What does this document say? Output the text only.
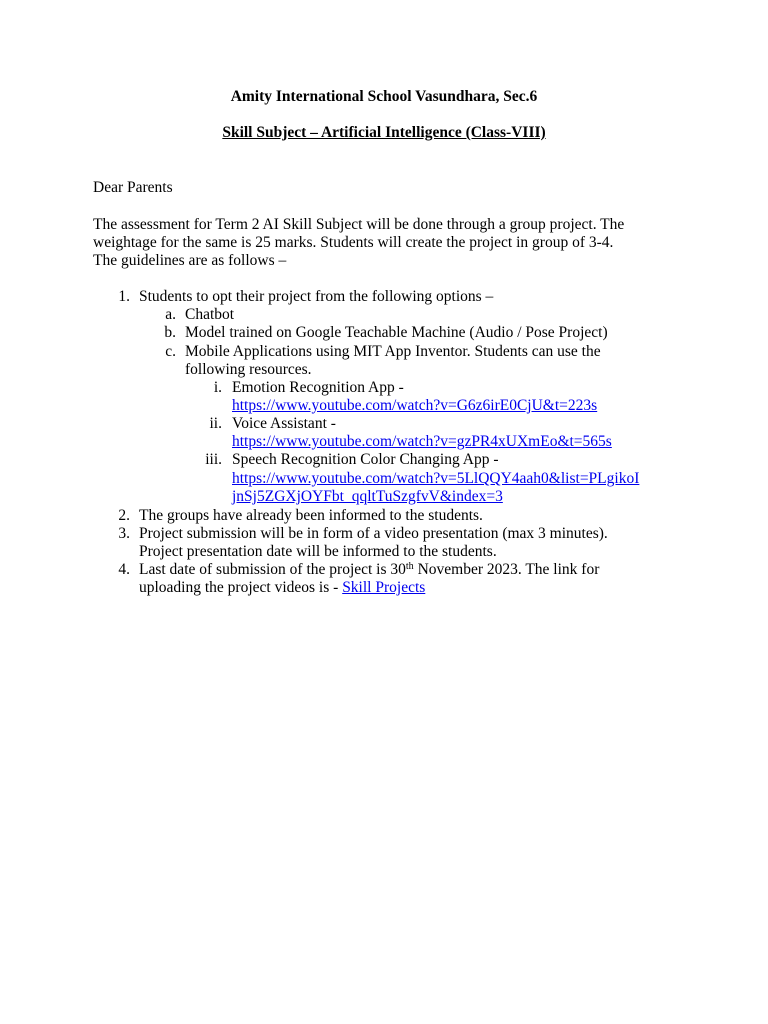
Amity International School Vasundhara, Sec.6
Skill Subject – Artificial Intelligence (Class-VIII)
Dear Parents
The assessment for Term 2 AI Skill Subject will be done through a group project. The
weightage for the same is 25 marks. Students will create the project in group of 3-4.
The guidelines are as follows –
1. Students to opt their project from the following options –
a. Chatbot
b. Model trained on Google Teachable Machine (Audio / Pose Project)
c. Mobile Applications using MIT App Inventor. Students can use the
following resources.
i. Emotion Recognition App -
https://www.youtube.com/watch?v=G6z6irE0CjU&t=223s
ii. Voice Assistant -
https://www.youtube.com/watch?v=gzPR4xUXmEo&t=565s
iii. Speech Recognition Color Changing App -
https://www.youtube.com/watch?v=5LlQQY4aah0&list=PLgikoI
jnSj5ZGXjOYFbt_qqltTuSzgfvV&index=3
2. The groups have already been informed to the students.
3. Project submission will be in form of a video presentation (max 3 minutes).
Project presentation date will be informed to the students.
4. Last date of submission of the project is 30th November 2023. The link for
uploading the project videos is - Skill Projects
